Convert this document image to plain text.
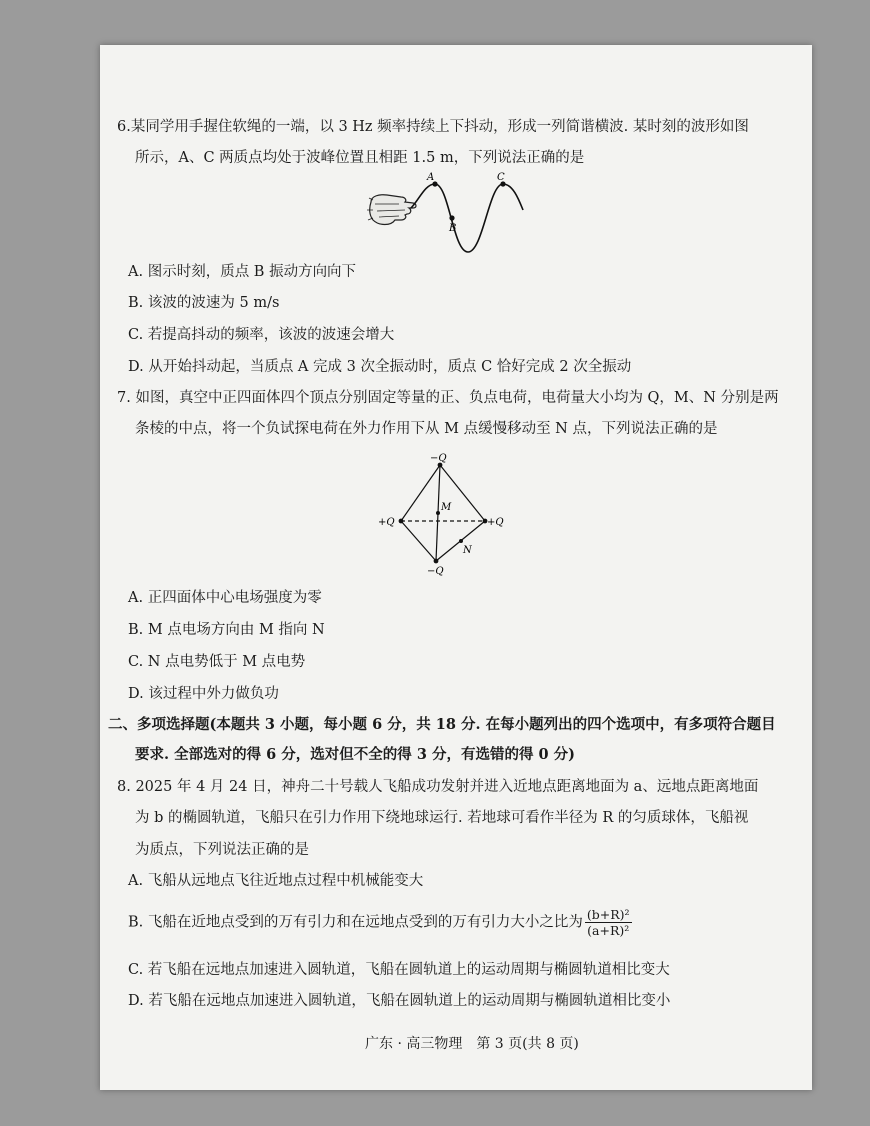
6.某同学用手握住软绳的一端，以 3 Hz 频率持续上下抖动，形成一列简谐横波. 某时刻的波形如图
所示，A、C 两质点均处于波峰位置且相距 1.5 m，下列说法正确的是
A
B
C
A. 图示时刻，质点 B 振动方向向下
B. 该波的波速为 5 m/s
C. 若提高抖动的频率，该波的波速会增大
D. 从开始抖动起，当质点 A 完成 3 次全振动时，质点 C 恰好完成 2 次全振动
7. 如图，真空中正四面体四个顶点分别固定等量的正、负点电荷，电荷量大小均为 Q，M、N 分别是两
条棱的中点，将一个负试探电荷在外力作用下从 M 点缓慢移动至 N 点，下列说法正确的是
−Q
+Q	+Q
−Q
M
N
A. 正四面体中心电场强度为零
B. M 点电场方向由 M 指向 N
C. N 点电势低于 M 点电势
D. 该过程中外力做负功
二、多项选择题(本题共 3 小题，每小题 6 分，共 18 分. 在每小题列出的四个选项中，有多项符合题目
要求. 全部选对的得 6 分，选对但不全的得 3 分，有选错的得 0 分)
8. 2025 年 4 月 24 日，神舟二十号载人飞船成功发射并进入近地点距离地面为 a、远地点距离地面
为 b 的椭圆轨道，飞船只在引力作用下绕地球运行. 若地球可看作半径为 R 的匀质球体，飞船视
为质点，下列说法正确的是
A. 飞船从远地点飞往近地点过程中机械能变大
B. 飞船在近地点受到的万有引力和在远地点受到的万有引力大小之比为 $\frac{\text{(b+R)²}}{\text{(a+R)²}}$
C. 若飞船在远地点加速进入圆轨道，飞船在圆轨道上的运动周期与椭圆轨道相比变大
D. 若飞船在远地点加速进入圆轨道，飞船在圆轨道上的运动周期与椭圆轨道相比变小
广东 · 高三物理　第 3 页(共 8 页)
